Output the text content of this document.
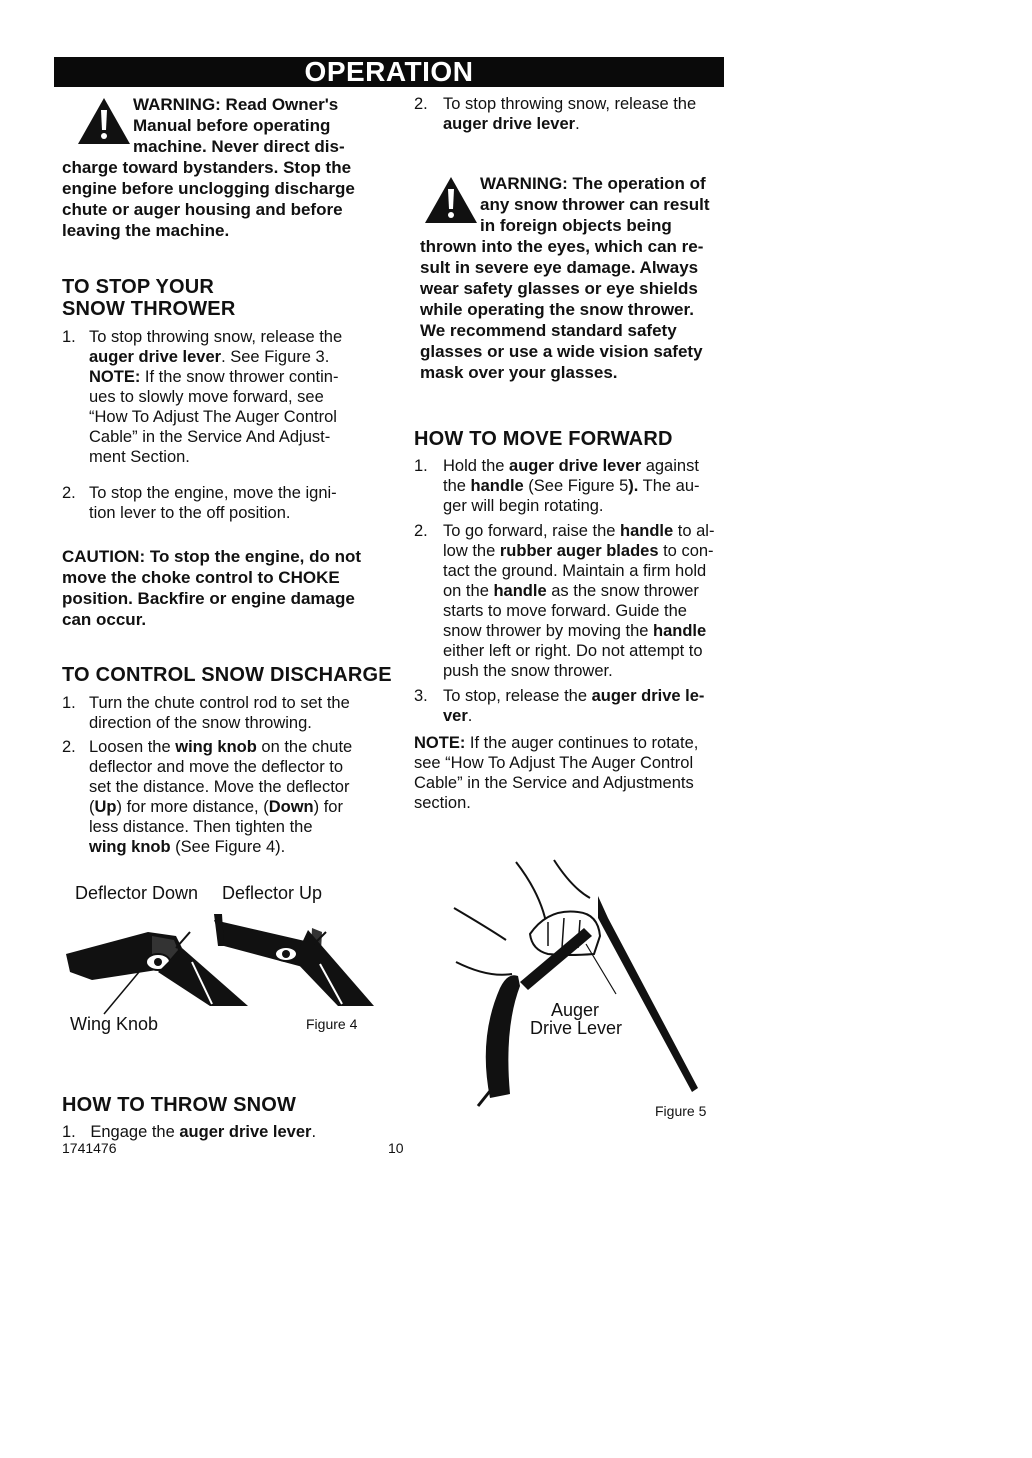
OPERATION
WARNING: Read Owner's
Manual before operating
machine. Never direct dis-
charge toward bystanders. Stop the
engine before unclogging discharge
chute or auger housing and before
leaving the machine.
TO STOP YOUR
SNOW THROWER
1. To stop throwing snow, release the
auger drive lever. See Figure 3.
NOTE: If the snow thrower contin-
ues to slowly move forward, see
“How To Adjust The Auger Control
Cable” in the Service And Adjust-
ment Section.
2. To stop the engine, move the igni-
tion lever to the off position.
CAUTION: To stop the engine, do not
move the choke control to CHOKE
position. Backfire or engine damage
can occur.
TO CONTROL SNOW DISCHARGE
1. Turn the chute control rod to set the
direction of the snow throwing.
2. Loosen the wing knob on the chute
deflector and move the deflector to
set the distance. Move the deflector
(Up) for more distance, (Down) for
less distance. Then tighten the
wing knob (See Figure 4).
Deflector Down Deflector Up
Wing Knob	Figure 4
HOW TO THROW SNOW
1. Engage the auger drive lever.
1741476	10
2. To stop throwing snow, release the
auger drive lever.
WARNING: The operation of
any snow thrower can result
in foreign objects being
thrown into the eyes, which can re-
sult in severe eye damage. Always
wear safety glasses or eye shields
while operating the snow thrower.
We recommend standard safety
glasses or use a wide vision safety
mask over your glasses.
HOW TO MOVE FORWARD
1. Hold the auger drive lever against
the handle (See Figure 5). The au-
ger will begin rotating.
2. To go forward, raise the handle to al-
low the rubber auger blades to con-
tact the ground. Maintain a firm hold
on the handle as the snow thrower
starts to move forward. Guide the
snow thrower by moving the handle
either left or right. Do not attempt to
push the snow thrower.
3. To stop, release the auger drive le-
ver.
NOTE: If the auger continues to rotate,
see “How To Adjust The Auger Control
Cable” in the Service and Adjustments
section.
Auger
Drive Lever
Figure 5
